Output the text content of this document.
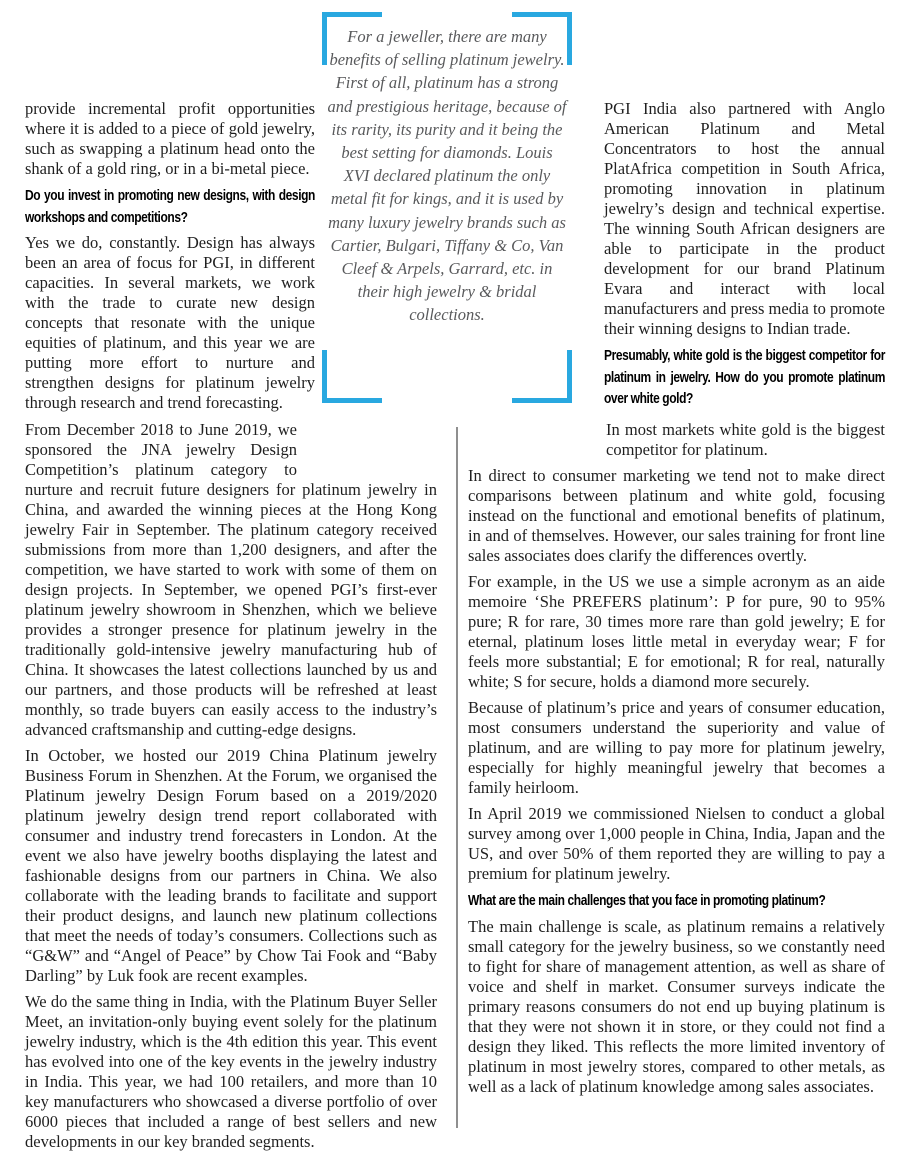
For a jeweller, there are many benefits of selling platinum jewelry. First of all, platinum has a strong and prestigious heritage, because of its rarity, its purity and it being the best setting for diamonds. Louis XVI declared platinum the only metal fit for kings, and it is used by many luxury jewelry brands such as Cartier, Bulgari, Tiffany & Co, Van Cleef & Arpels, Garrard, etc. in their high jewelry & bridal collections.

provide incremental profit opportunities where it is added to a piece of gold jewelry, such as swapping a platinum head onto the shank of a gold ring, or in a bi-metal piece.

Do you invest in promoting new designs, with design workshops and competitions?

Yes we do, constantly. Design has always been an area of focus for PGI, in different capacities. In several markets, we work with the trade to curate new design concepts that resonate with the unique equities of platinum, and this year we are putting more effort to nurture and strengthen designs for platinum jewelry through research and trend forecasting.

PGI India also partnered with Anglo American Platinum and Metal Concentrators to host the annual PlatAfrica competition in South Africa, promoting innovation in platinum jewelry’s design and technical expertise. The winning South African designers are able to participate in the product development for our brand Platinum Evara and interact with local manufacturers and press media to promote their winning designs to Indian trade.

Presumably, white gold is the biggest competitor for platinum in jewelry. How do you promote platinum over white gold?

From December 2018 to June 2019, we sponsored the JNA jewelry Design Competition’s platinum category to nurture and recruit future designers for platinum jewelry in China, and awarded the winning pieces at the Hong Kong jewelry Fair in September. The platinum category received submissions from more than 1,200 designers, and after the competition, we have started to work with some of them on design projects. In September, we opened PGI’s first-ever platinum jewelry showroom in Shenzhen, which we believe provides a stronger presence for platinum jewelry in the traditionally gold-intensive jewelry manufacturing hub of China. It showcases the latest collections launched by us and our partners, and those products will be refreshed at least monthly, so trade buyers can easily access to the industry’s advanced craftsmanship and cutting-edge designs.

In October, we hosted our 2019 China Platinum jewelry Business Forum in Shenzhen. At the Forum, we organised the Platinum jewelry Design Forum based on a 2019/2020 platinum jewelry design trend report collaborated with consumer and industry trend forecasters in London. At the event we also have jewelry booths displaying the latest and fashionable designs from our partners in China. We also collaborate with the leading brands to facilitate and support their product designs, and launch new platinum collections that meet the needs of today’s consumers. Collections such as “G&W” and “Angel of Peace” by Chow Tai Fook and “Baby Darling” by Luk fook are recent examples.

We do the same thing in India, with the Platinum Buyer Seller Meet, an invitation-only buying event solely for the platinum jewelry industry, which is the 4th edition this year. This event has evolved into one of the key events in the jewelry industry in India. This year, we had 100 retailers, and more than 10 key manufacturers who showcased a diverse portfolio of over 6000 pieces that included a range of best sellers and new developments in our key branded segments.

In most markets white gold is the biggest competitor for platinum.

In direct to consumer marketing we tend not to make direct comparisons between platinum and white gold, focusing instead on the functional and emotional benefits of platinum, in and of themselves. However, our sales training for front line sales associates does clarify the differences overtly.

For example, in the US we use a simple acronym as an aide memoire ‘She PREFERS platinum’: P for pure, 90 to 95% pure; R for rare, 30 times more rare than gold jewelry; E for eternal, platinum loses little metal in everyday wear; F for feels more substantial; E for emotional; R for real, naturally white; S for secure, holds a diamond more securely.

Because of platinum’s price and years of consumer education, most consumers understand the superiority and value of platinum, and are willing to pay more for platinum jewelry, especially for highly meaningful jewelry that becomes a family heirloom.

In April 2019 we commissioned Nielsen to conduct a global survey among over 1,000 people in China, India, Japan and the US, and over 50% of them reported they are willing to pay a premium for platinum jewelry.

What are the main challenges that you face in promoting platinum?

The main challenge is scale, as platinum remains a relatively small category for the jewelry business, so we constantly need to fight for share of management attention, as well as share of voice and shelf in market. Consumer surveys indicate the primary reasons consumers do not end up buying platinum is that they were not shown it in store, or they could not find a design they liked. This reflects the more limited inventory of platinum in most jewelry stores, compared to other metals, as well as a lack of platinum knowledge among sales associates.
